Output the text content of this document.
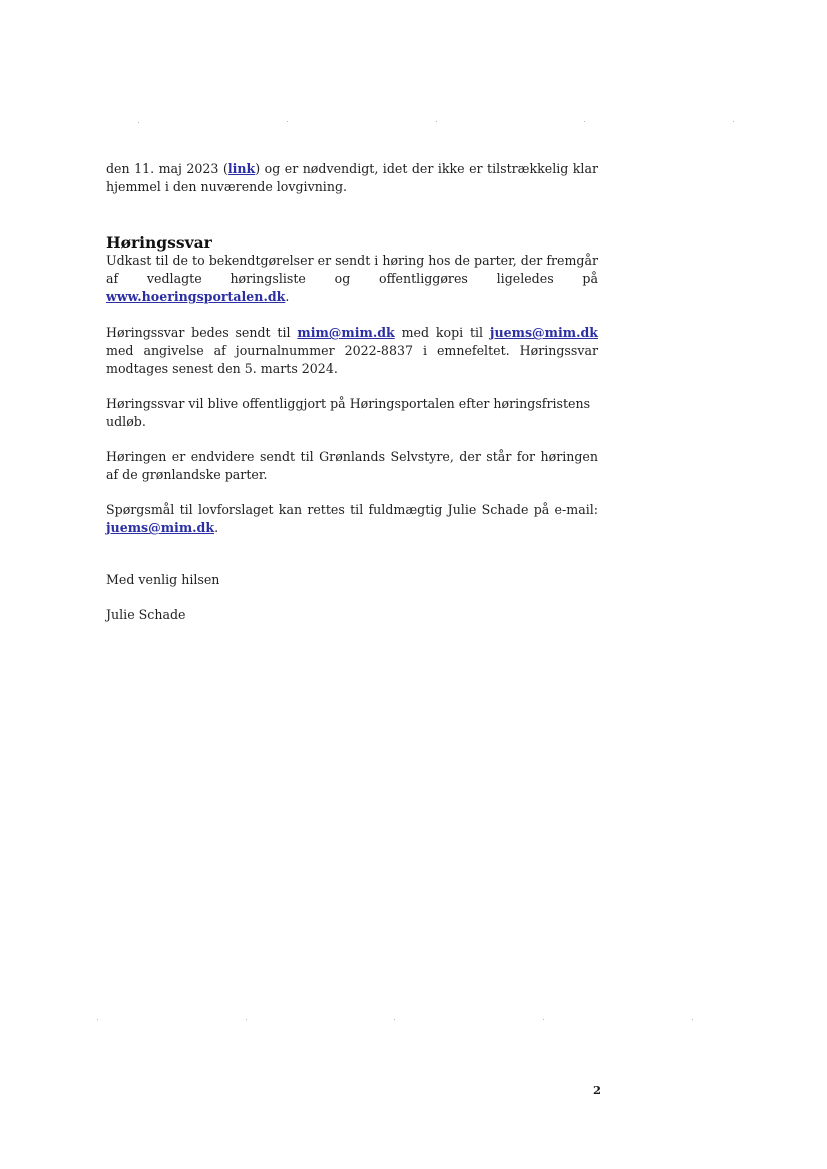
den 11. maj 2023 (link) og er nødvendigt, idet der ikke er tilstrækkelig klar hjemmel i den nuværende lovgivning.

Høringssvar

Udkast til de to bekendtgørelser er sendt i høring hos de parter, der fremgår af vedlagte høringsliste og offentliggøres ligeledes på www.hoeringsportalen.dk.

Høringssvar bedes sendt til mim@mim.dk med kopi til juems@mim.dk med angivelse af journalnummer 2022-8837 i emnefeltet. Høringssvar modtages senest den 5. marts 2024.

Høringssvar vil blive offentliggjort på Høringsportalen efter høringsfristens udløb.

Høringen er endvidere sendt til Grønlands Selvstyre, der står for høringen af de grønlandske parter.

Spørgsmål til lovforslaget kan rettes til fuldmægtig Julie Schade på e-mail: juems@mim.dk.

Med venlig hilsen

Julie Schade

2
